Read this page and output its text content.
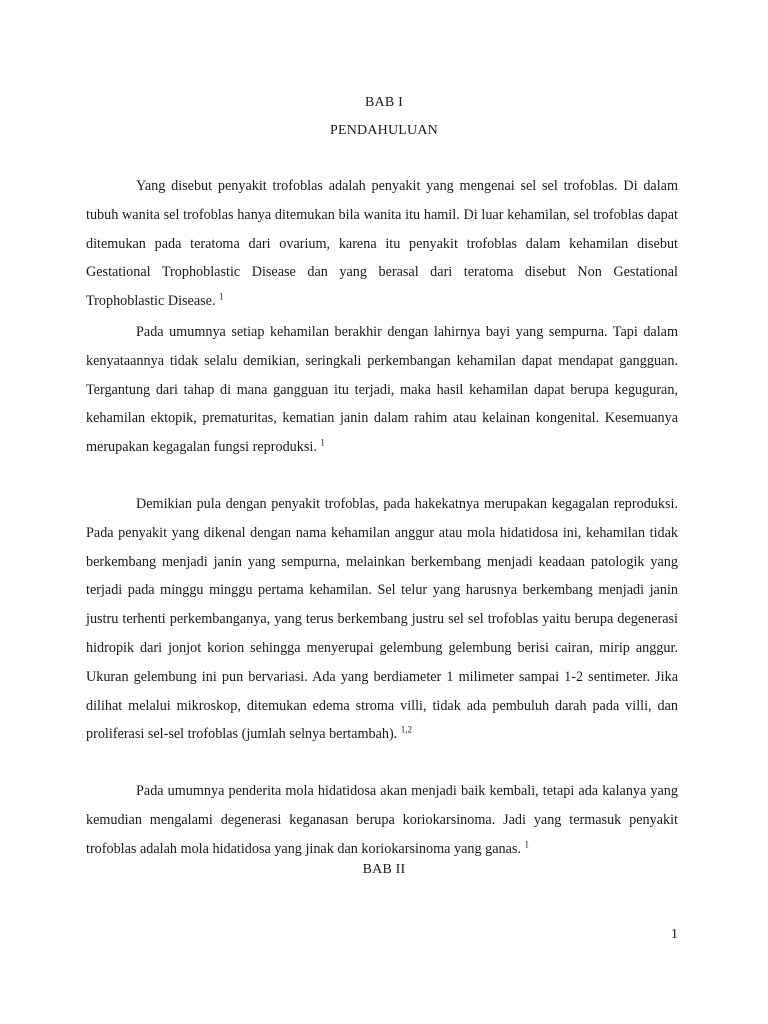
BAB I
PENDAHULUAN

Yang disebut penyakit trofoblas adalah penyakit yang mengenai sel sel trofoblas. Di dalam tubuh wanita sel trofoblas hanya ditemukan bila wanita itu hamil. Di luar kehamilan, sel trofoblas dapat ditemukan pada teratoma dari ovarium, karena itu penyakit trofoblas dalam kehamilan disebut Gestational Trophoblastic Disease dan yang berasal dari teratoma disebut Non Gestational Trophoblastic Disease. $^1$

Pada umumnya setiap kehamilan berakhir dengan lahirnya bayi yang sempurna. Tapi dalam kenyataannya tidak selalu demikian, seringkali perkembangan kehamilan dapat mendapat gangguan. Tergantung dari tahap di mana gangguan itu terjadi, maka hasil kehamilan dapat berupa keguguran, kehamilan ektopik, prematuritas, kematian janin dalam rahim atau kelainan kongenital. Kesemuanya merupakan kegagalan fungsi reproduksi. $^1$

Demikian pula dengan penyakit trofoblas, pada hakekatnya merupakan kegagalan reproduksi. Pada penyakit yang dikenal dengan nama kehamilan anggur atau mola hidatidosa ini, kehamilan tidak berkembang menjadi janin yang sempurna, melainkan berkembang menjadi keadaan patologik yang terjadi pada minggu minggu pertama kehamilan. Sel telur yang harusnya berkembang menjadi janin justru terhenti perkembanganya, yang terus berkembang justru sel sel trofoblas yaitu berupa degenerasi hidropik dari jonjot korion sehingga menyerupai gelembung gelembung berisi cairan, mirip anggur. Ukuran gelembung ini pun bervariasi. Ada yang berdiameter 1 milimeter sampai 1-2 sentimeter. Jika dilihat melalui mikroskop, ditemukan edema stroma villi, tidak ada pembuluh darah pada villi, dan proliferasi sel-sel trofoblas (jumlah selnya bertambah). $^{1,2}$

Pada umumnya penderita mola hidatidosa akan menjadi baik kembali, tetapi ada kalanya yang kemudian mengalami degenerasi keganasan berupa koriokarsinoma. Jadi yang termasuk penyakit trofoblas adalah mola hidatidosa yang jinak dan koriokarsinoma yang ganas. $^1$

BAB II
1
